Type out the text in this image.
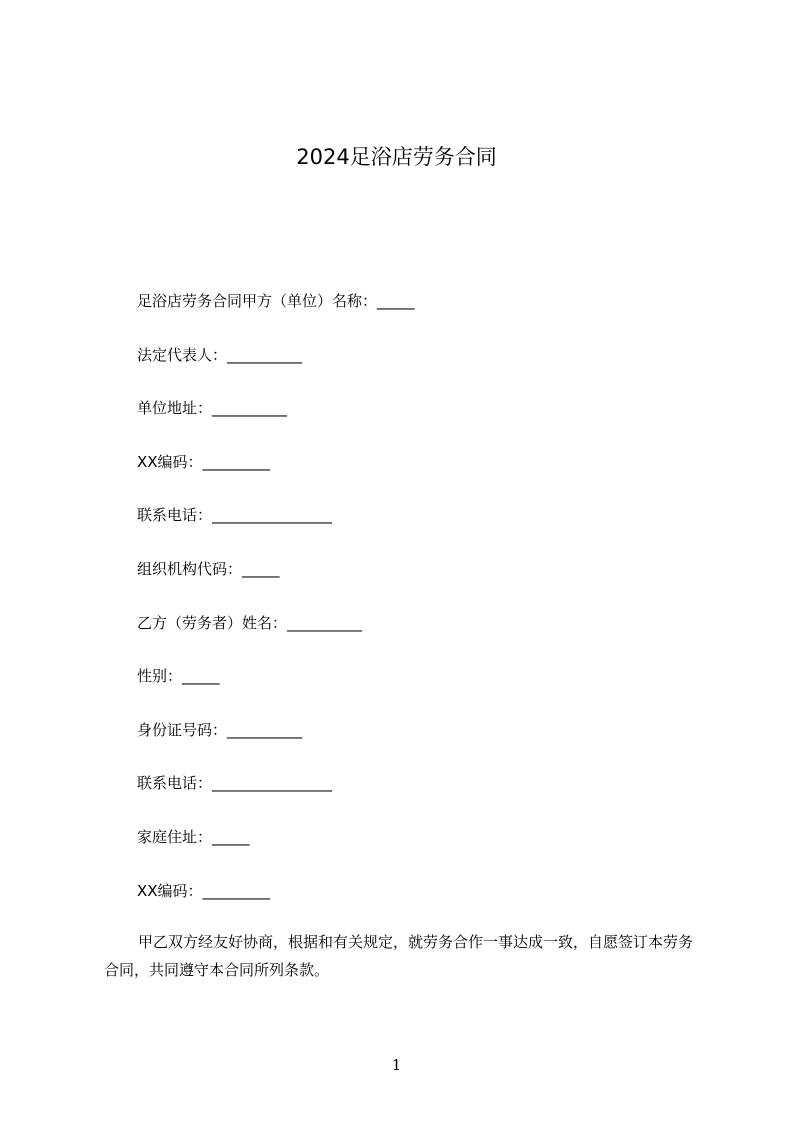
2024足浴店劳务合同
足浴店劳务合同甲方（单位）名称：_____
法定代表人：__________
单位地址：__________
XX编码：_________
联系电话：________________
组织机构代码：_____
乙方（劳务者）姓名：__________
性别：_____
身份证号码：__________
联系电话：________________
家庭住址：_____
XX编码：_________

甲乙双方经友好协商，根据和有关规定，就劳务合作一事达成一致，自愿签订本劳务合同，共同遵守本合同所列条款。

1
